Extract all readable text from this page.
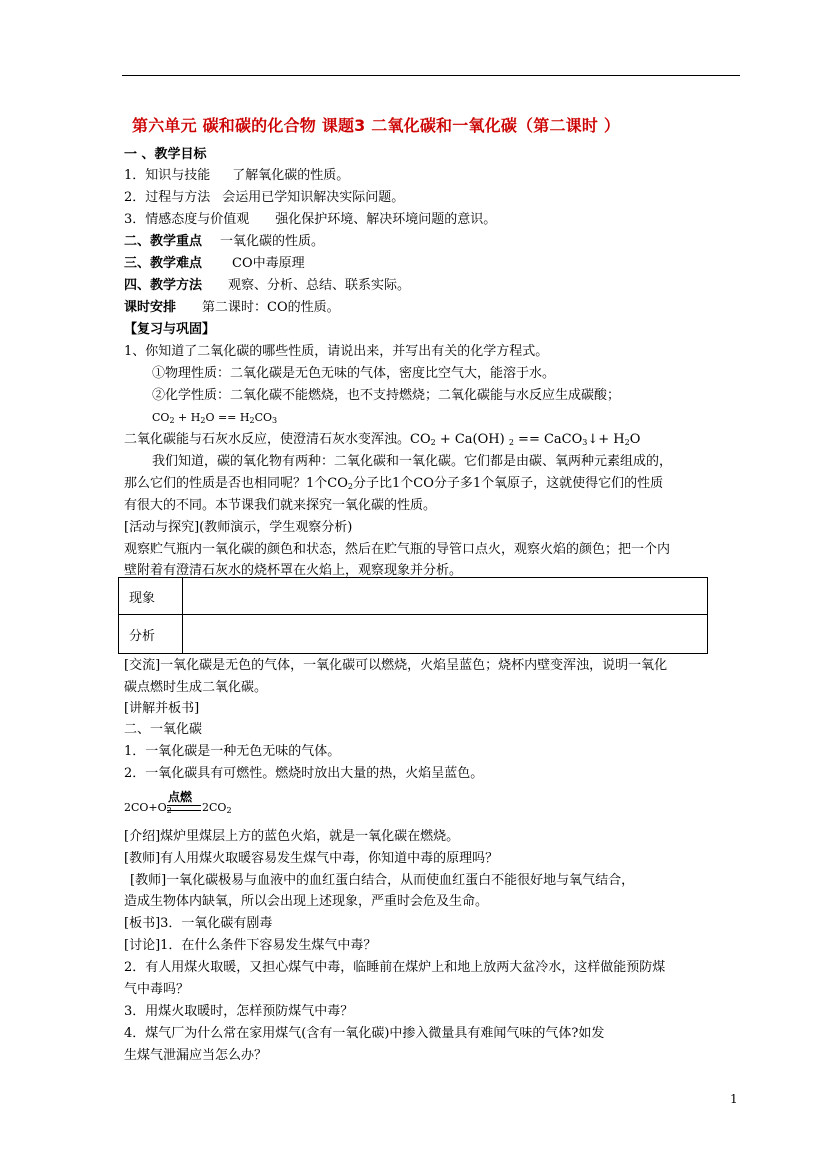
第六单元 碳和碳的化合物 课题3 二氧化碳和一氧化碳（第二课时 ）
一 、教学目标
1．知识与技能 了解氧化碳的性质。
2．过程与方法 会运用已学知识解决实际问题。
3．情感态度与价值观 强化保护环境、解决环境问题的意识。
二、教学重点 一氧化碳的性质。
三、教学难点 CO中毒原理
四、教学方法 观察、分析、总结、联系实际。
课时安排 第二课时：CO的性质。
【复习与巩固】
1、你知道了二氧化碳的哪些性质，请说出来，并写出有关的化学方程式。
①物理性质：二氧化碳是无色无味的气体，密度比空气大，能溶于水。
②化学性质：二氧化碳不能燃烧，也不支持燃烧；二氧化碳能与水反应生成碳酸；
$CO_2 + H_2O == H_2CO_3$
二氧化碳能与石灰水反应，使澄清石灰水变浑浊。$CO_2 + Ca(OH) _2$ == CaCO$_3$↓+ $H_2O$
我们知道，碳的氧化物有两种：二氧化碳和一氧化碳。它们都是由碳、氧两种元素组成的，
那么它们的性质是否也相同呢？1个$CO_2$分子比1个CO分子多1个氧原子，这就使得它们的性质
有很大的不同。本节课我们就来探究一氧化碳的性质。
[活动与探究](教师演示，学生观察分析)
观察贮气瓶内一氧化碳的颜色和状态，然后在贮气瓶的导管口点火，观察火焰的颜色；把一个内
壁附着有澄清石灰水的烧杯罩在火焰上，观察现象并分析。
现象	
分析	
[交流]一氧化碳是无色的气体，一氧化碳可以燃烧，火焰呈蓝色；烧杯内壁变浑浊，说明一氧化
碳点燃时生成二氧化碳。
[讲解并板书]
二、一氧化碳
1．一氧化碳是一种无色无味的气体。
2．一氧化碳具有可燃性。燃烧时放出大量的热，火焰呈蓝色。
$2CO+O_2$
点燃
$2CO_2$
[介绍]煤炉里煤层上方的蓝色火焰，就是一氧化碳在燃烧。
[教师]有人用煤火取暖容易发生煤气中毒，你知道中毒的原理吗？
[教师]一氧化碳极易与血液中的血红蛋白结合，从而使血红蛋白不能很好地与氧气结合，
造成生物体内缺氧，所以会出现上述现象，严重时会危及生命。
[板书]3．一氧化碳有剧毒
[讨论]1．在什么条件下容易发生煤气中毒？
2．有人用煤火取暖，又担心煤气中毒，临睡前在煤炉上和地上放两大盆冷水，这样做能预防煤
气中毒吗？
3．用煤火取暖时，怎样预防煤气中毒？
4．煤气厂为什么常在家用煤气(含有一氧化碳)中掺入微量具有难闻气味的气体?如发
生煤气泄漏应当怎么办？
1
